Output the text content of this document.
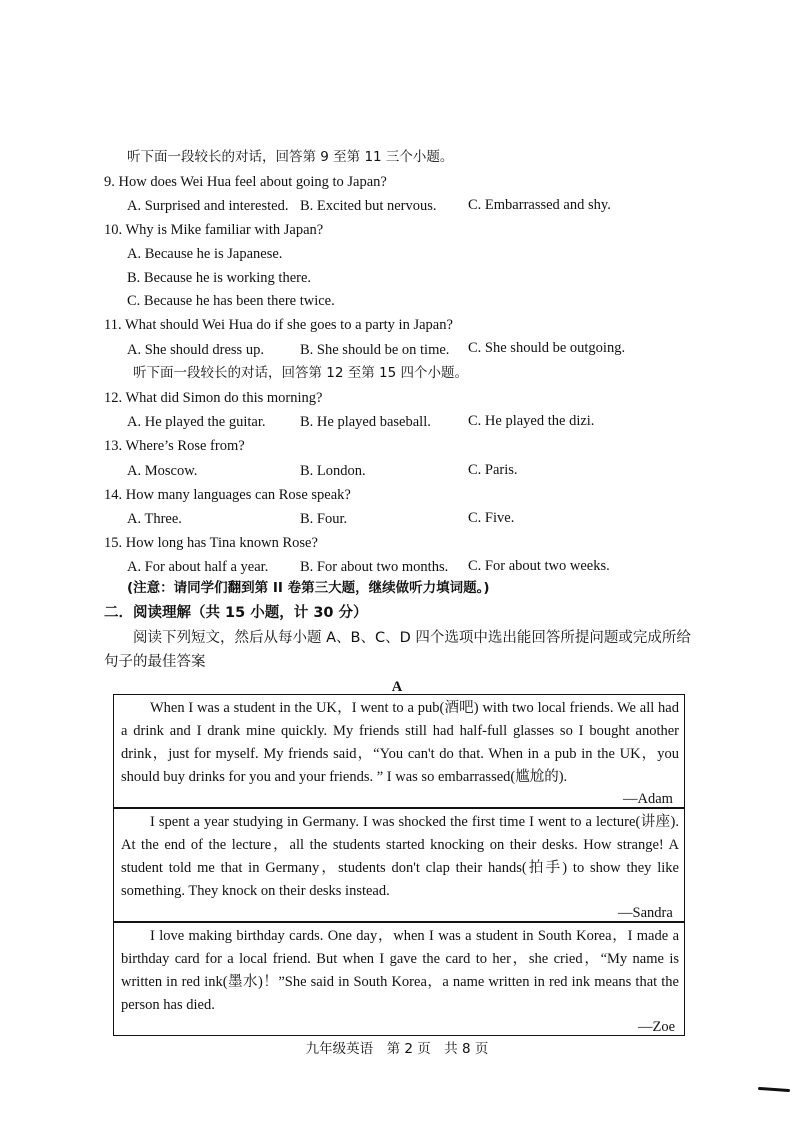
听下面一段较长的对话，回答第 9 至第 11 三个小题。
9. How does Wei Hua feel about going to Japan?
A. Surprised and interested. B. Excited but nervous. C. Embarrassed and shy.
10. Why is Mike familiar with Japan?
A. Because he is Japanese.
B. Because he is working there.
C. Because he has been there twice.
11. What should Wei Hua do if she goes to a party in Japan?
A. She should dress up. B. She should be on time. C. She should be outgoing.
听下面一段较长的对话，回答第 12 至第 15 四个小题。
12. What did Simon do this morning?
A. He played the guitar. B. He played baseball.	C. He played the dizi.
13. Where’s Rose from?
A. Moscow.	B. London.	C. Paris.
14. How many languages can Rose speak?
A. Three.	B. Four.	C. Five.
15. How long has Tina known Rose?
A. For about half a year. B. For about two months. C. For about two weeks.
(注意：请同学们翻到第 II 卷第三大题，继续做听力填词题。)
二．阅读理解（共 15 小题，计 30 分）
阅读下列短文，然后从每小题 A、B、C、D 四个选项中选出能回答所提问题或完成所给
句子的最佳答案
A
When I was a student in the UK，I went to a pub(酒吧) with two local friends. We all had a drink and I drank mine quickly. My friends still had half-full glasses so I bought another drink，just for myself. My friends said，“You can't do that. When in a pub in the UK，you should buy drinks for you and your friends. ” I was so embarrassed(尴尬的).
—Adam
I spent a year studying in Germany. I was shocked the first time I went to a lecture(讲座). At the end of the lecture，all the students started knocking on their desks. How strange! A student told me that in Germany，students don't clap their hands(拍手) to show they like something. They knock on their desks instead.
—Sandra
I love making birthday cards. One day，when I was a student in South Korea，I made a birthday card for a local friend. But when I gave the card to her，she cried，“My name is written in red ink(墨水)！”She said in South Korea，a name written in red ink means that the person has died.
—Zoe
九年级英语　第 2 页　共 8 页
